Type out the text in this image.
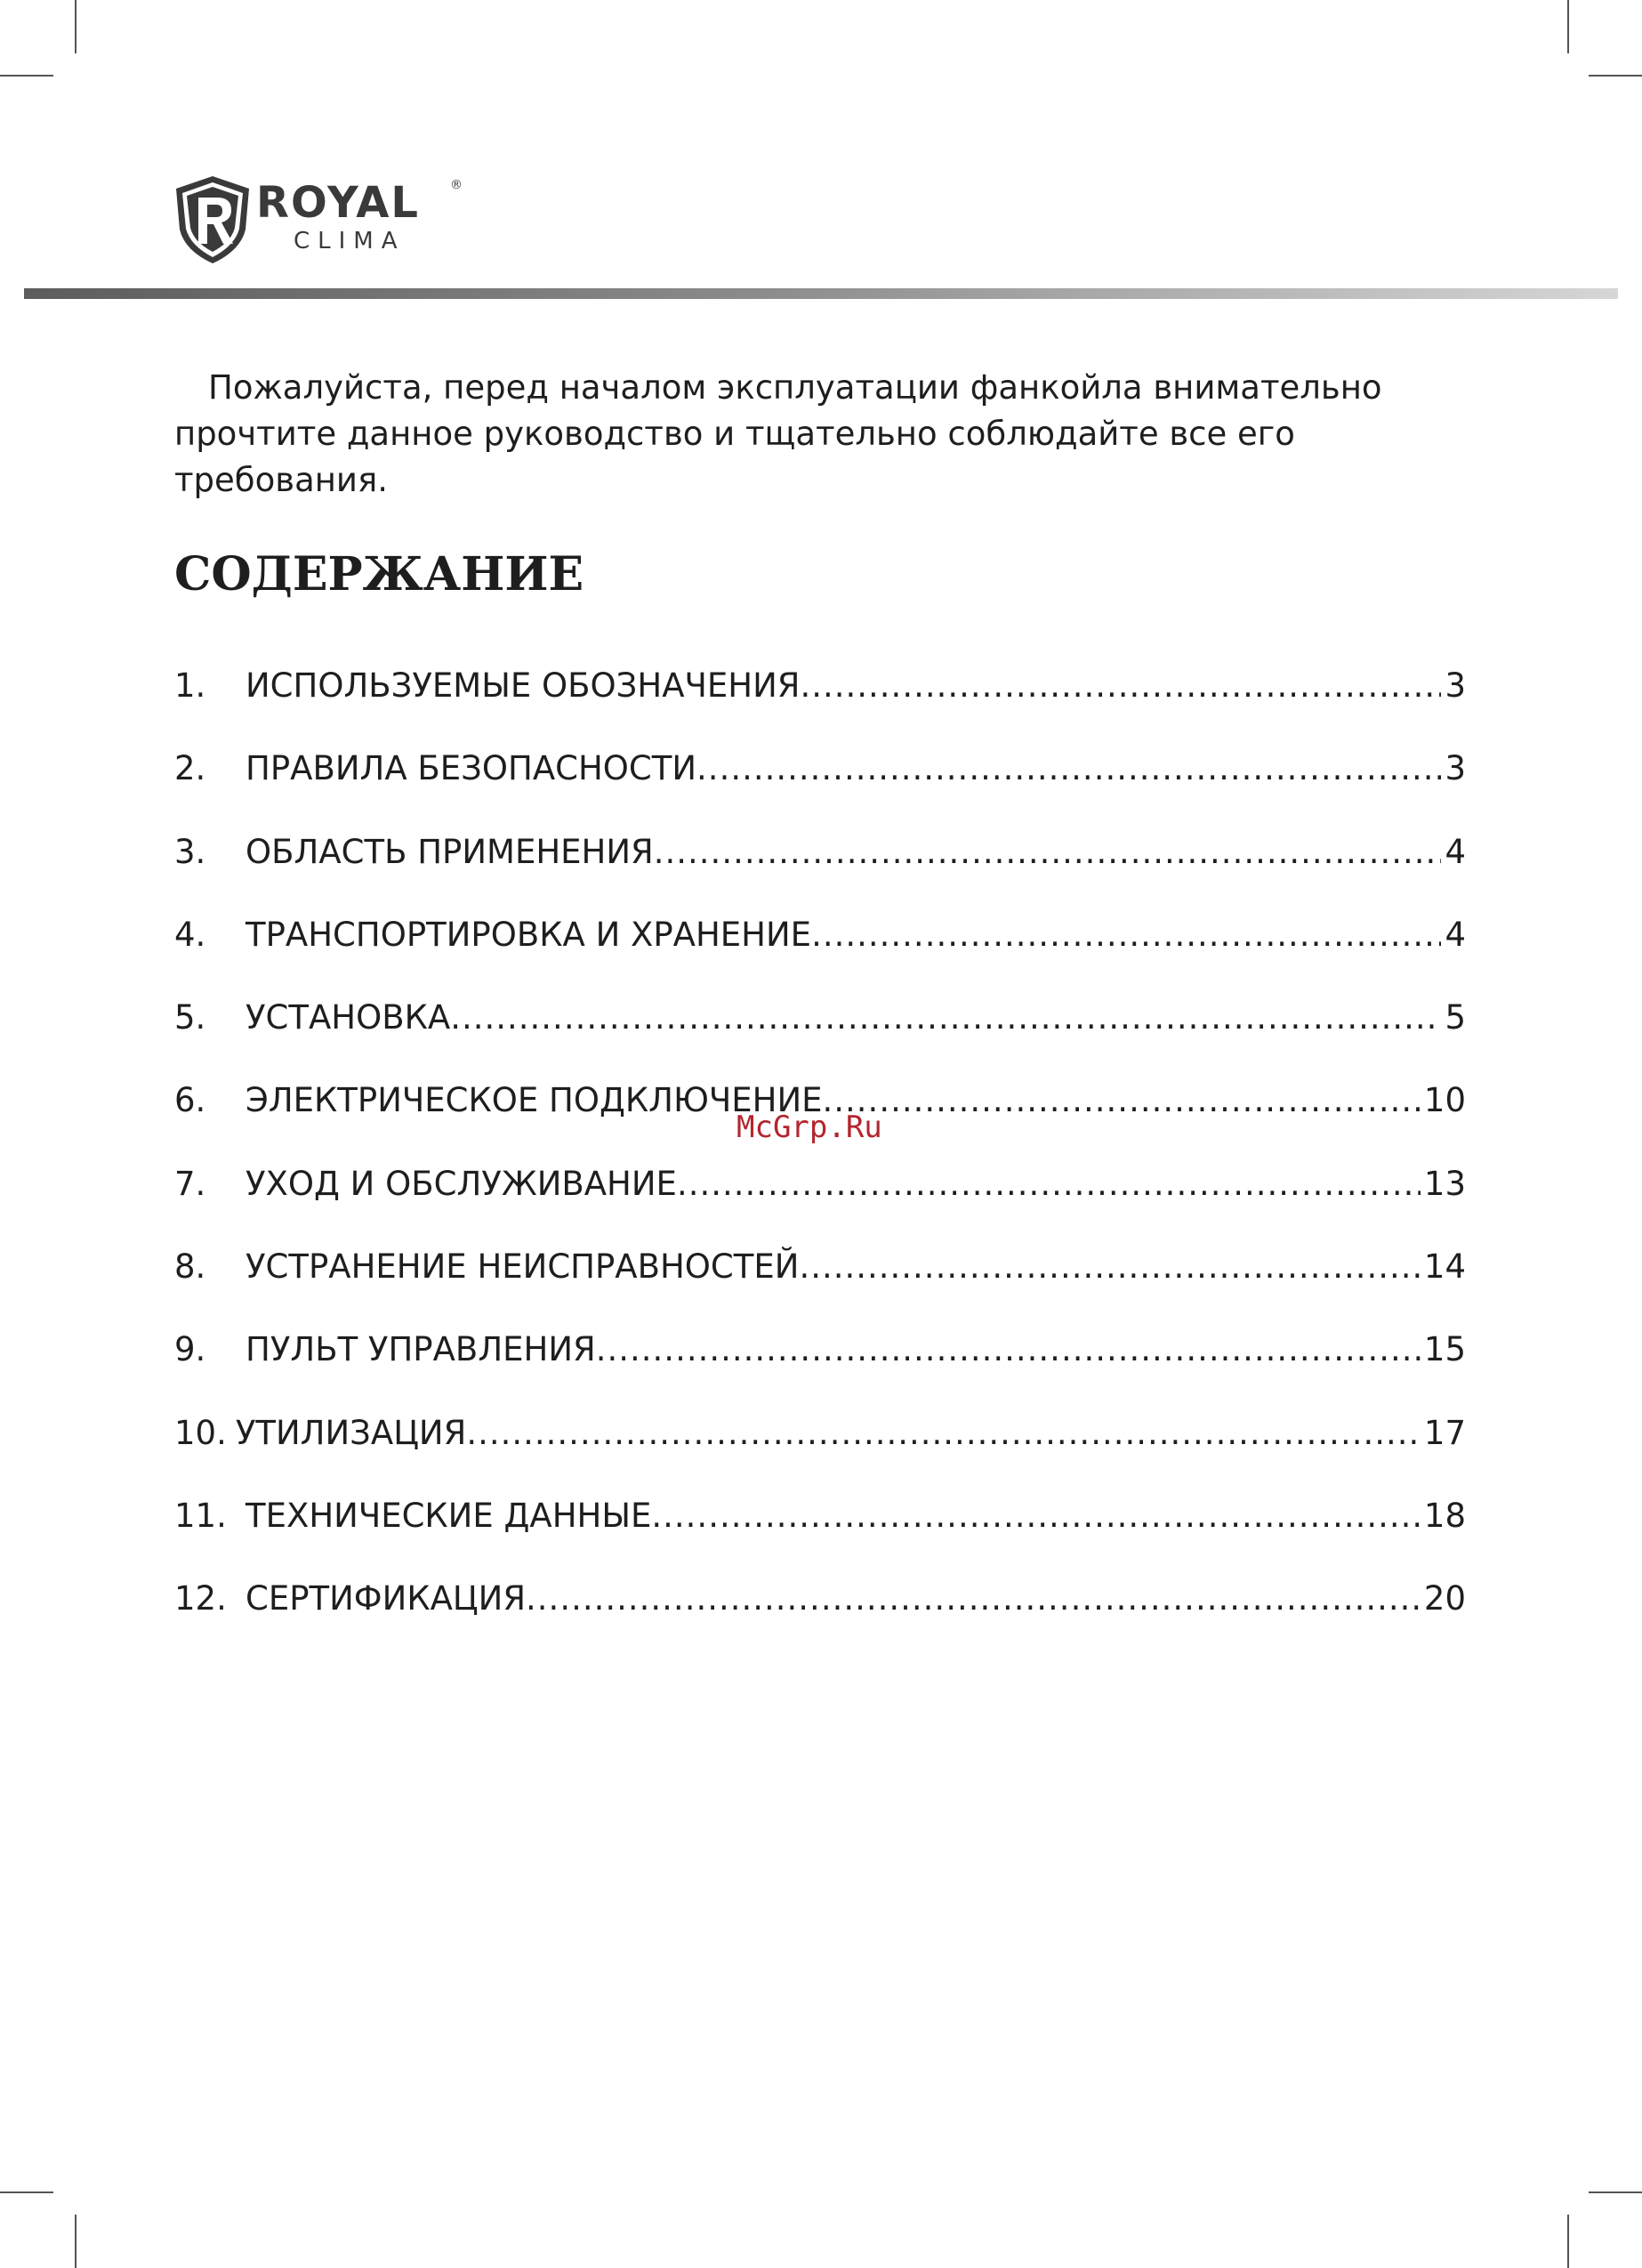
ROYAL ®
CLIMA

Пожалуйста, перед началом эксплуатации фанкойла внимательно прочтите данное руководство и тщательно соблюдайте все его требования.

СОДЕРЖАНИЕ
1.	ИСПОЛЬЗУЕМЫЕ ОБОЗНАЧЕНИЯ .....	3
2.	ПРАВИЛА БЕЗОПАСНОСТИ .....	3
3.	ОБЛАСТЬ ПРИМЕНЕНИЯ .....	4
4.	ТРАНСПОРТИРОВКА И ХРАНЕНИЕ .....	4
5.	УСТАНОВКА .....	5
6.	ЭЛЕКТРИЧЕСКОЕ ПОДКЛЮЧЕНИЕ .....	10
7.	УХОД И ОБСЛУЖИВАНИЕ .....	13
8.	УСТРАНЕНИЕ НЕИСПРАВНОСТЕЙ .....	14
9.	ПУЛЬТ УПРАВЛЕНИЯ .....	15
10. УТИЛИЗАЦИЯ .....	17
11. ТЕХНИЧЕСКИЕ ДАННЫЕ .....	18
12. СЕРТИФИКАЦИЯ .....	20
McGrp.Ru
